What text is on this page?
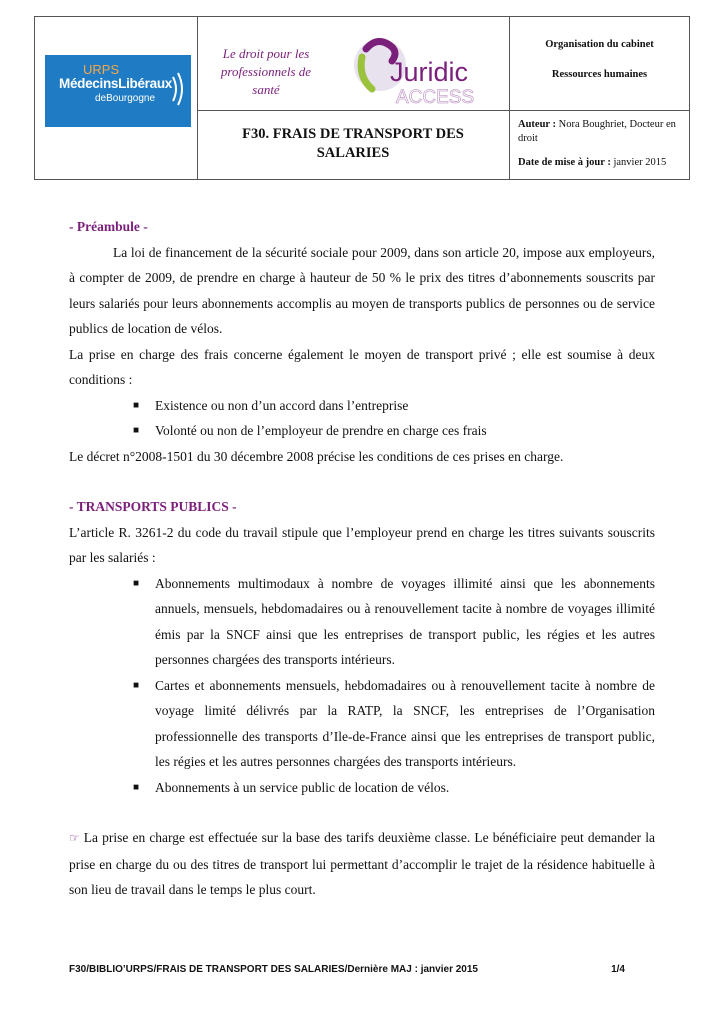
URPS
MédecinsLibéraux
deBourgogne
Le droit pour les professionnels de santé
Juridic
ACCESS
F30. FRAIS DE TRANSPORT DES SALARIES
Organisation du cabinet
Ressources humaines
Auteur : Nora Boughriet, Docteur en droit
Date de mise à jour : janvier 2015
- Préambule -

La loi de financement de la sécurité sociale pour 2009, dans son article 20, impose aux employeurs, à compter de 2009, de prendre en charge à hauteur de 50 % le prix des titres d’abonnements souscrits par leurs salariés pour leurs abonnements accomplis au moyen de transports publics de personnes ou de service publics de location de vélos.

La prise en charge des frais concerne également le moyen de transport privé ; elle est soumise à deux conditions :

■ Existence ou non d’un accord dans l’entreprise
■ Volonté ou non de l’employeur de prendre en charge ces frais

Le décret n°2008-1501 du 30 décembre 2008 précise les conditions de ces prises en charge.

- TRANSPORTS PUBLICS -

L’article R. 3261-2 du code du travail stipule que l’employeur prend en charge les titres suivants souscrits par les salariés :

■ Abonnements multimodaux à nombre de voyages illimité ainsi que les abonnements annuels, mensuels, hebdomadaires ou à renouvellement tacite à nombre de voyages illimité émis par la SNCF ainsi que les entreprises de transport public, les régies et les autres personnes chargées des transports intérieurs.
■ Cartes et abonnements mensuels, hebdomadaires ou à renouvellement tacite à nombre de voyage limité délivrés par la RATP, la SNCF, les entreprises de l’Organisation professionnelle des transports d’Ile-de-France ainsi que les entreprises de transport public, les régies et les autres personnes chargées des transports intérieurs.
■ Abonnements à un service public de location de vélos.

☞ La prise en charge est effectuée sur la base des tarifs deuxième classe. Le bénéficiaire peut demander la prise en charge du ou des titres de transport lui permettant d’accomplir le trajet de la résidence habituelle à son lieu de travail dans le temps le plus court.

F30/BIBLIO’URPS/FRAIS DE TRANSPORT DES SALARIES/Dernière MAJ : janvier 2015	1/4
